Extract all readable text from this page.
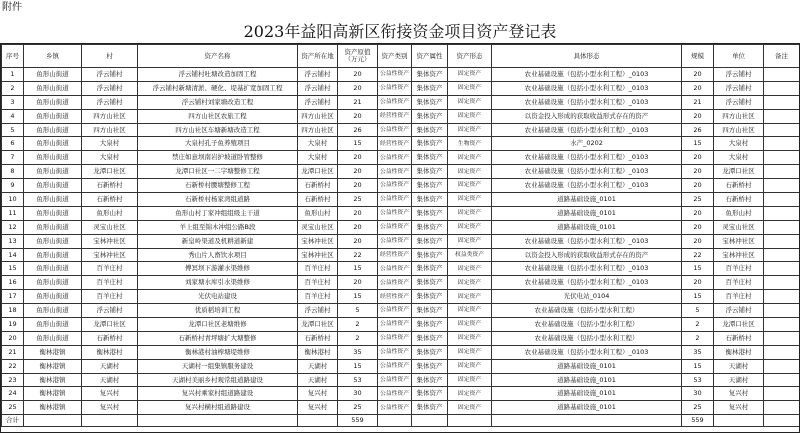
附件
2023年益阳高新区衔接资金项目资产登记表
序号	乡镇	村	资产名称	资产所在地	资产原值（万元）	资产类别	资产属性	资产形态	具体形态	规模	单位	备注
1	鱼形山街道	浮云铺村	浮云铺村吐塘改造加固工程	浮云铺村	20	公益性资产	集体资产	固定资产	农业基础设施（包括小型水利工程）_0103	20	浮云铺村	
2	鱼形山街道	浮云铺村	浮云铺村新塘清淤、硬化、堤基扩宽加固工程	浮云铺村	20	公益性资产	集体资产	固定资产	农业基础设施（包括小型水利工程）_0103	20	浮云铺村	
3	鱼形山街道	浮云铺村	浮云铺村刘家塘改造工程	浮云铺村	21	公益性资产	集体资产	固定资产	农业基础设施（包括小型水利工程）_0103	21	浮云铺村	
4	鱼形山街道	四方山社区	四方山社区农旅工程	四方山社区	20	经营性资产	集体资产	固定资产	以资金投入形成的获取收益形式存在的资产	20	四方山社区	
5	鱼形山街道	四方山社区	四方山社区车塘新塘改造工程	四方山社区	26	公益性资产	集体资产	固定资产	农业基础设施（包括小型水利工程）_0103	26	四方山社区	
6	鱼形山街道	大泉村	大泉村孔子鱼养殖项目	大泉村	15	经营性资产	集体资产	生物资产	水产_0202	15	大泉村	
7	鱼形山街道	大泉村	禁庄如意坝南岩护坡道卧管整修	大泉村	20	公益性资产	集体资产	固定资产	农业基础设施（包括小型水利工程）_0103	20	大泉村	
8	鱼形山街道	龙潭口社区	龙潭口社区一二字塘整修工程	龙潭口社区	20	公益性资产	集体资产	固定资产	农业基础设施（包括小型水利工程）_0103	20	龙潭口社区	
9	鱼形山街道	石新桥村	石新桥村腰塘整修工程	石新桥村	20	公益性资产	集体资产	固定资产	农业基础设施（包括小型水利工程）_0103	20	石新桥村	
10	鱼形山街道	石新桥村	石新桥村杨家湾组道路	石新桥村	25	公益性资产	集体资产	固定资产	道路基础设施_0101	25	石新桥村	
11	鱼形山街道	鱼形山村	鱼形山村丁家冲组组级主干道	鱼形山村	20	公益性资产	集体资产	固定资产	道路基础设施_0101	20	鱼形山村	
12	鱼形山街道	灵宝山社区	羊上组至锦木冲组公路B段	灵宝山社区	20	公益性资产	集体资产	固定资产	道路基础设施_0101	20	灵宝山社区	
13	鱼形山街道	宝林冲社区	新皇岭渠道及机耕道新建	宝林冲社区	20	公益性资产	集体资产	固定资产	农业基础设施（包括小型水利工程）_0103	20	宝林冲社区	
14	鱼形山街道	宝林冲社区	秀山片人畜饮水项目	宝林冲社区	22	经营性资产	集体资产	权益类资产	以资金投入形成的获取收益形式存在的资产	22	宝林冲社区	
15	鱼形山街道	百羊庄村	傅冥坝下游灌水渠维修	百羊庄村	15	公益性资产	集体资产	固定资产	农业基础设施（包括小型水利工程）_0103	15	百羊庄村	
16	鱼形山街道	百羊庄村	刘家塘水库引水渠维修	百羊庄村	20	公益性资产	集体资产	固定资产	农业基础设施（包括小型水利工程）_0103	20	百羊庄村	
17	鱼形山街道	百羊庄村	光伏电站建设	百羊庄村	15	经营性资产	集体资产	固定资产	光伏电站_0104	15	百羊庄村	
18	鱼形山街道	浮云铺村	优质稻培训工程	浮云铺村	5	公益性资产	集体资产	固定资产	农业基础设施（包括小型水利工程）	5	浮云铺村	
19	鱼形山街道	龙潭口社区	龙潭口社区老塘维修	龙潭口社区	2	公益性资产	集体资产	固定资产	农业基础设施（包括小型水利工程）	2	龙潭口社区	
20	鱼形山街道	石新桥村	石新桥村青坪塘扩大塘整修	石新桥村	2	公益性资产	集体资产	固定资产	农业基础设施（包括小型水利工程）	2	石新桥村	
21	衡林港镇	衡林港村	衡林港村油榨塘堤维修	衡林港村	35	公益性资产	集体资产	固定资产	农业基础设施（包括小型水利工程）_0103	35	衡林港村	
22	衡林港镇	天湖村	天湖村一组集镇服务建设	天湖村	15	公益性资产	集体资产	固定资产	道路基础设施_0101	15	天湖村	
23	衡林港镇	天湖村	天湖村美丽乡村观常组道路建设	天湖村	53	公益性资产	集体资产	固定资产	道路基础设施_0101	53	天湖村	
24	衡林港镇	复兴村	复兴村乘家村组道路建设	复兴村	30	公益性资产	集体资产	固定资产	道路基础设施_0101	30	复兴村	
25	衡林港镇	复兴村	复兴村横村组道路建设	复兴村	25	公益性资产	集体资产	固定资产	道路基础设施_0101	25	复兴村	
合计					559					559		
